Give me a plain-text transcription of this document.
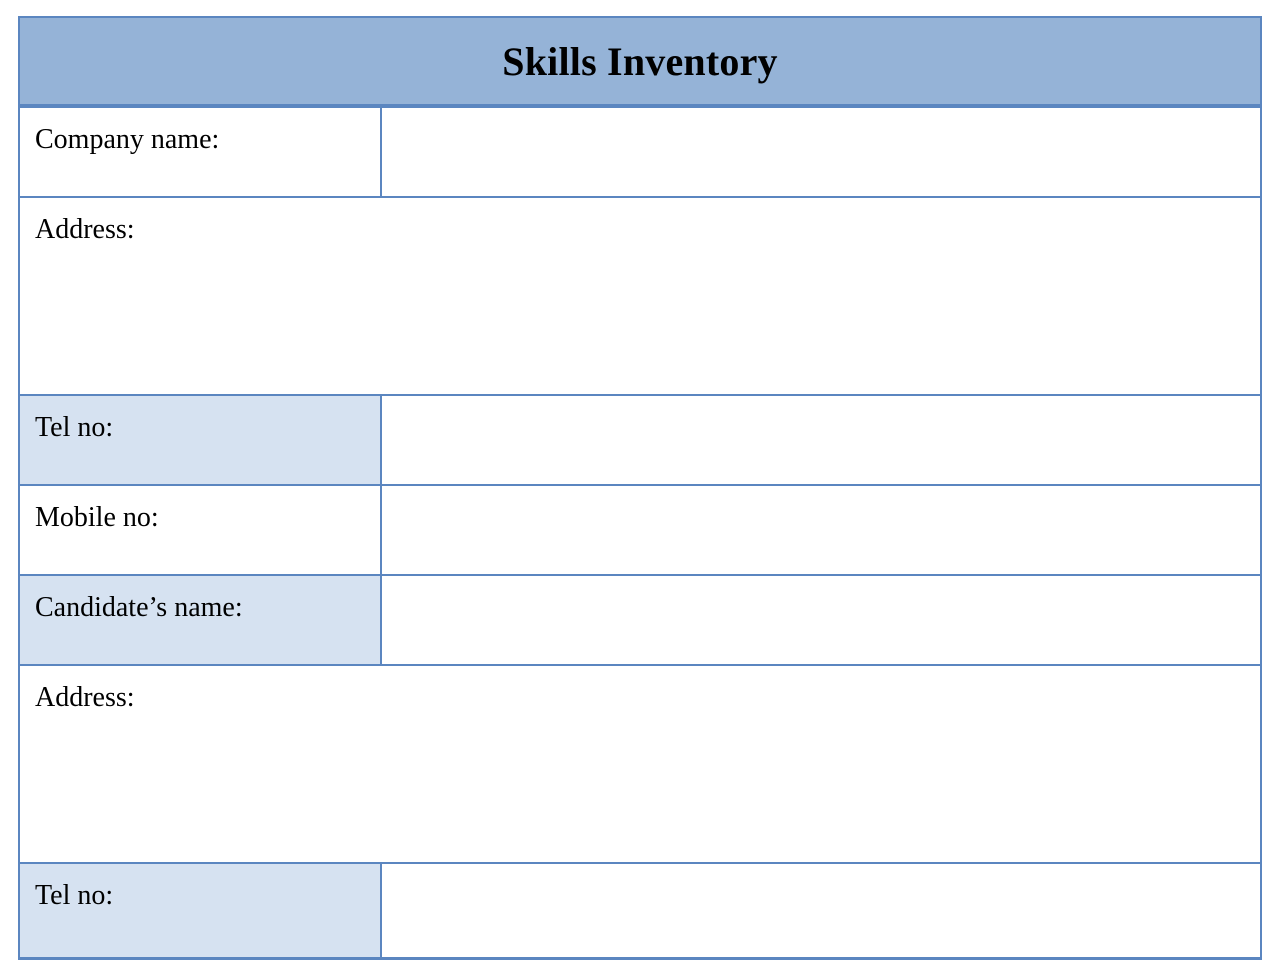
Skills Inventory
Company name:
Address:
Tel no:
Mobile no:
Candidate’s name:
Address:
Tel no:
